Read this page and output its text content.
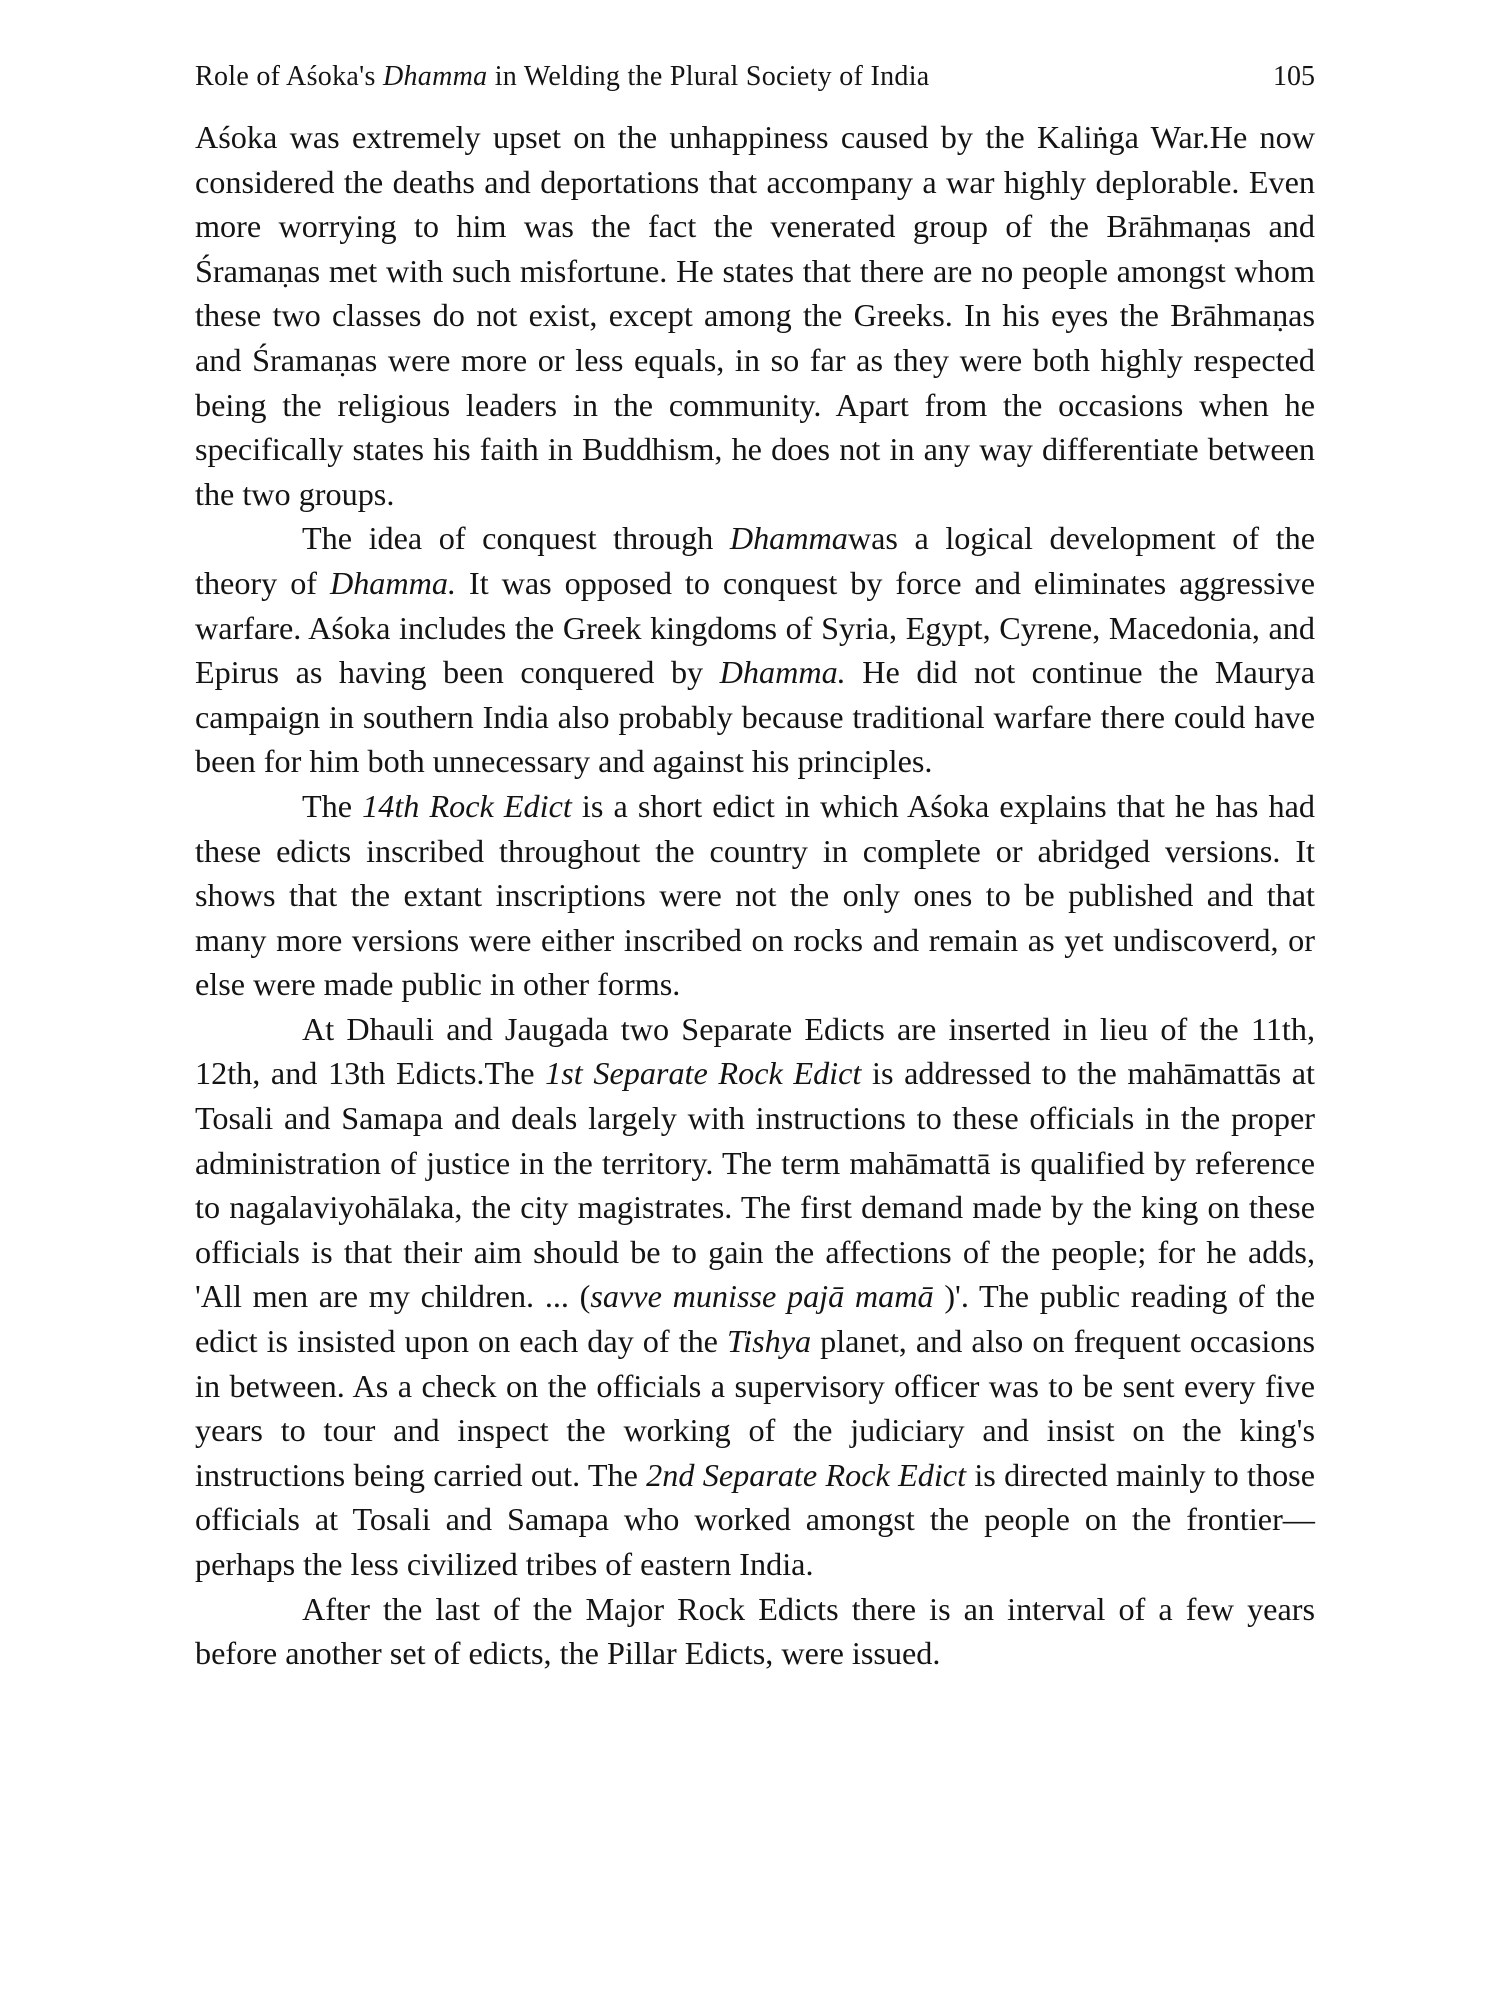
Role of Aśoka's Dhamma in Welding the Plural Society of India	105

Aśoka was extremely upset on the unhappiness caused by the Kaliṅga War.He now considered the deaths and deportations that accompany a war highly deplorable. Even more worrying to him was the fact the venerated group of the Brāhmaṇas and Śramaṇas met with such misfortune. He states that there are no people amongst whom these two classes do not exist, except among the Greeks. In his eyes the Brāhmaṇas and Śramaṇas were more or less equals, in so far as they were both highly respected being the religious leaders in the community. Apart from the occasions when he specifically states his faith in Buddhism, he does not in any way differentiate between the two groups.

The idea of conquest through Dhammawas a logical development of the theory of Dhamma. It was opposed to conquest by force and eliminates aggressive warfare. Aśoka includes the Greek kingdoms of Syria, Egypt, Cyrene, Macedonia, and Epirus as having been conquered by Dhamma. He did not continue the Maurya campaign in southern India also probably because traditional warfare there could have been for him both unnecessary and against his principles.

The 14th Rock Edict is a short edict in which Aśoka explains that he has had these edicts inscribed throughout the country in complete or abridged versions. It shows that the extant inscriptions were not the only ones to be published and that many more versions were either inscribed on rocks and remain as yet undiscoverd, or else were made public in other forms.

At Dhauli and Jaugada two Separate Edicts are inserted in lieu of the 11th, 12th, and 13th Edicts.The 1st Separate Rock Edict is addressed to the mahāmattās at Tosali and Samapa and deals largely with instructions to these officials in the proper administration of justice in the territory. The term mahāmattā is qualified by reference to nagalaviyohālaka, the city magistrates. The first demand made by the king on these officials is that their aim should be to gain the affections of the people; for he adds, 'All men are my children. ... (savve munisse pajā mamā )'. The public reading of the edict is insisted upon on each day of the Tishya planet, and also on frequent occasions in between. As a check on the officials a supervisory officer was to be sent every five years to tour and inspect the working of the judiciary and insist on the king's instructions being carried out. The 2nd Separate Rock Edict is directed mainly to those officials at Tosali and Samapa who worked amongst the people on the frontier—perhaps the less civilized tribes of eastern India.

After the last of the Major Rock Edicts there is an interval of a few years before another set of edicts, the Pillar Edicts, were issued.
